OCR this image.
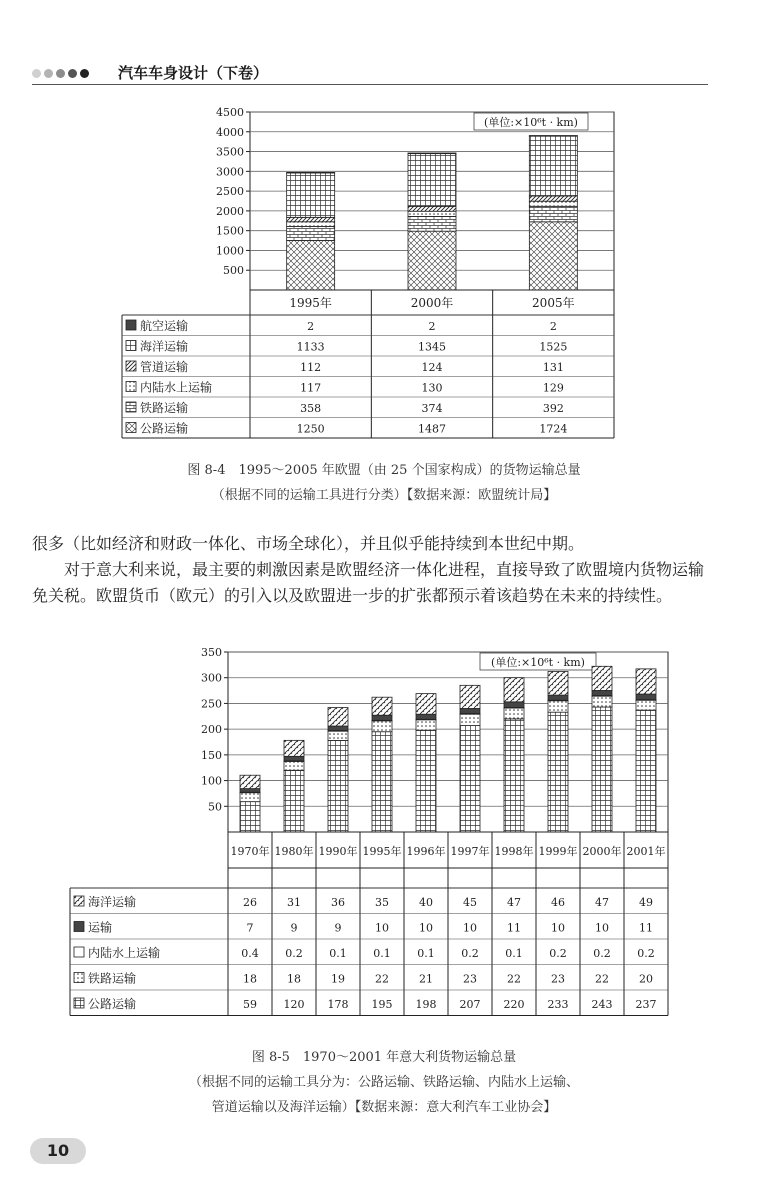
汽车车身设计（下卷）
500
1000
1500
2000
2500
3000
3500
4000
4500
(单位:×10⁶t · km)
1995年	2000年	2005年
航空运输	2	2	2
海洋运输	1133	1345	1525
管道运输	112	124	131
内陆水上运输	117	130	129
铁路运输	358	374	392
公路运输	1250	1487	1724
图 8-4　1995～2005 年欧盟（由 25 个国家构成）的货物运输总量
（根据不同的运输工具进行分类）【数据来源：欧盟统计局】

很多（比如经济和财政一体化、市场全球化），并且似乎能持续到本世纪中期。

对于意大利来说，最主要的刺激因素是欧盟经济一体化进程，直接导致了欧盟境内货物运输免关税。欧盟货币（欧元）的引入以及欧盟进一步的扩张都预示着该趋势在未来的持续性。

50
100
150
200
250
300
350
(单位:×10⁶t · km)
1970年 1980年 1990年 1995年 1996年 1997年 1998年 1999年 2000年 2001年
海洋运输	26	31	36	35	40	45	47	46	47	49
运输	7	9	9	10	10	10	11	10	10	11
内陆水上运输	0.4 0.2 0.1 0.1 0.1 0.2 0.1 0.2 0.2 0.2
铁路运输	18	18	19	22	21	23	22	23	22	20
公路运输	59 120 178 195 198 207 220 233 243 237
图 8-5　1970～2001 年意大利货物运输总量
（根据不同的运输工具分为：公路运输、铁路运输、内陆水上运输、
管道运输以及海洋运输）【数据来源：意大利汽车工业协会】
10
